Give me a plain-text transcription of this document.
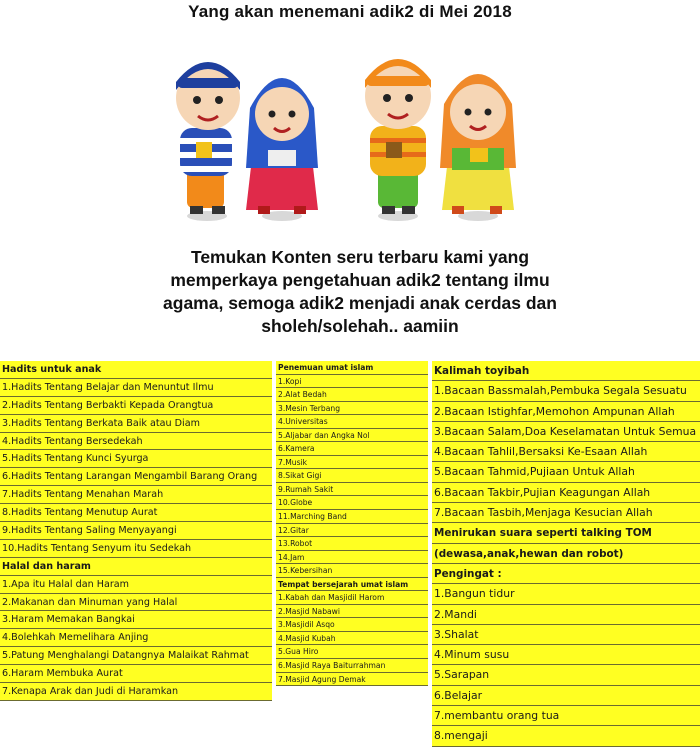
Yang akan menemani adik2 di Mei 2018
Temukan Konten seru terbaru kami yang
memperkaya pengetahuan adik2 tentang ilmu
agama, semoga adik2 menjadi anak cerdas dan
sholeh/solehah.. aamiin
Hadits untuk anak
1.Hadits Tentang Belajar dan Menuntut Ilmu
2.Hadits Tentang Berbakti Kepada Orangtua
3.Hadits Tentang Berkata Baik atau Diam
4.Hadits Tentang Bersedekah
5.Hadits Tentang Kunci Syurga
6.Hadits Tentang Larangan Mengambil Barang Orang
7.Hadits Tentang Menahan Marah
8.Hadits Tentang Menutup Aurat
9.Hadits Tentang Saling Menyayangi
10.Hadits Tentang Senyum itu Sedekah
Halal dan haram
1.Apa itu Halal dan Haram
2.Makanan dan Minuman yang Halal
3.Haram Memakan Bangkai
4.Bolehkah Memelihara Anjing
5.Patung Menghalangi Datangnya Malaikat Rahmat
6.Haram Membuka Aurat
7.Kenapa Arak dan Judi di Haramkan
Penemuan umat islam
1.Kopi
2.Alat Bedah
3.Mesin Terbang
4.Universitas
5.Aljabar dan Angka Nol
6.Kamera
7.Musik
8.Sikat Gigi
9.Rumah Sakit
10.Globe
11.Marching Band
12.Gitar
13.Robot
14.Jam
15.Kebersihan
Tempat bersejarah umat islam
1.Kabah dan Masjidil Harom
2.Masjid Nabawi
3.Masjidil Asqo
4.Masjid Kubah
5.Gua Hiro
6.Masjid Raya Baiturrahman
7.Masjid Agung Demak
Kalimah toyibah
1.Bacaan Bassmalah,Pembuka Segala Sesuatu
2.Bacaan Istighfar,Memohon Ampunan Allah
3.Bacaan Salam,Doa Keselamatan Untuk Semua
4.Bacaan Tahlil,Bersaksi Ke-Esaan Allah
5.Bacaan Tahmid,Pujiaan Untuk Allah
6.Bacaan Takbir,Pujian Keagungan Allah
7.Bacaan Tasbih,Menjaga Kesucian Allah
Menirukan suara seperti talking TOM
(dewasa,anak,hewan dan robot)
Pengingat :
1.Bangun tidur
2.Mandi
3.Shalat
4.Minum susu
5.Sarapan
6.Belajar
7.membantu orang tua
8.mengaji
